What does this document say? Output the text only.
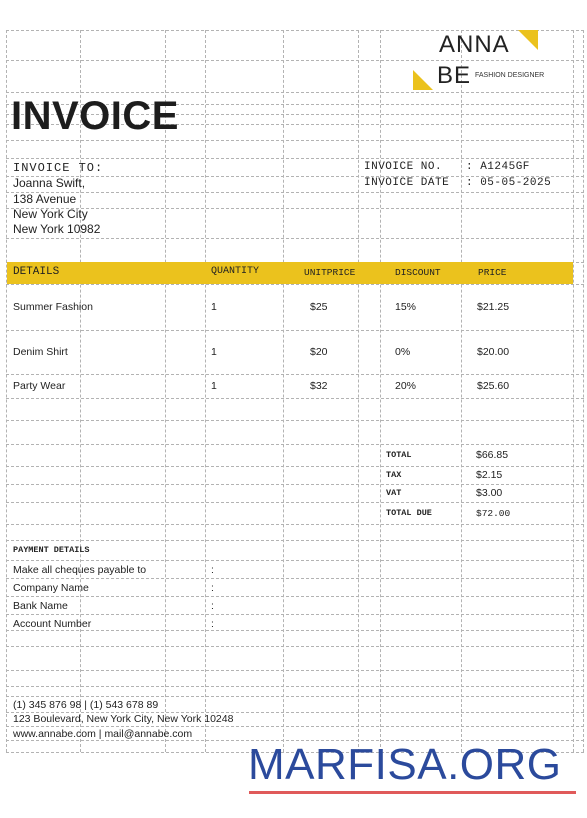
ANNA
BE FASHION DESIGNER
INVOICE
INVOICE TO:
Joanna Swift,
138 Avenue
New York City
New York 10982
INVOICE NO. : A1245GF
INVOICE DATE : 05-05-2025
DETAILS	QUANTITY	UNITPRICE	DISCOUNT	PRICE
Summer Fashion	1	$25	15%	$21.25
Denim Shirt	1	$20	0%	$20.00
Party Wear	1	$32	20%	$25.60
TOTAL	$66.85
TAX	$2.15
VAT	$3.00
TOTAL DUE	$72.00
PAYMENT DETAILS
Make all cheques payable to	:
Company Name	:
Bank Name	:
Account Number	:
(1) 345 876 98 | (1) 543 678 89
123 Boulevard, New York City, New York 10248
www.annabe.com | mail@annabe.com
MARFISA.ORG
